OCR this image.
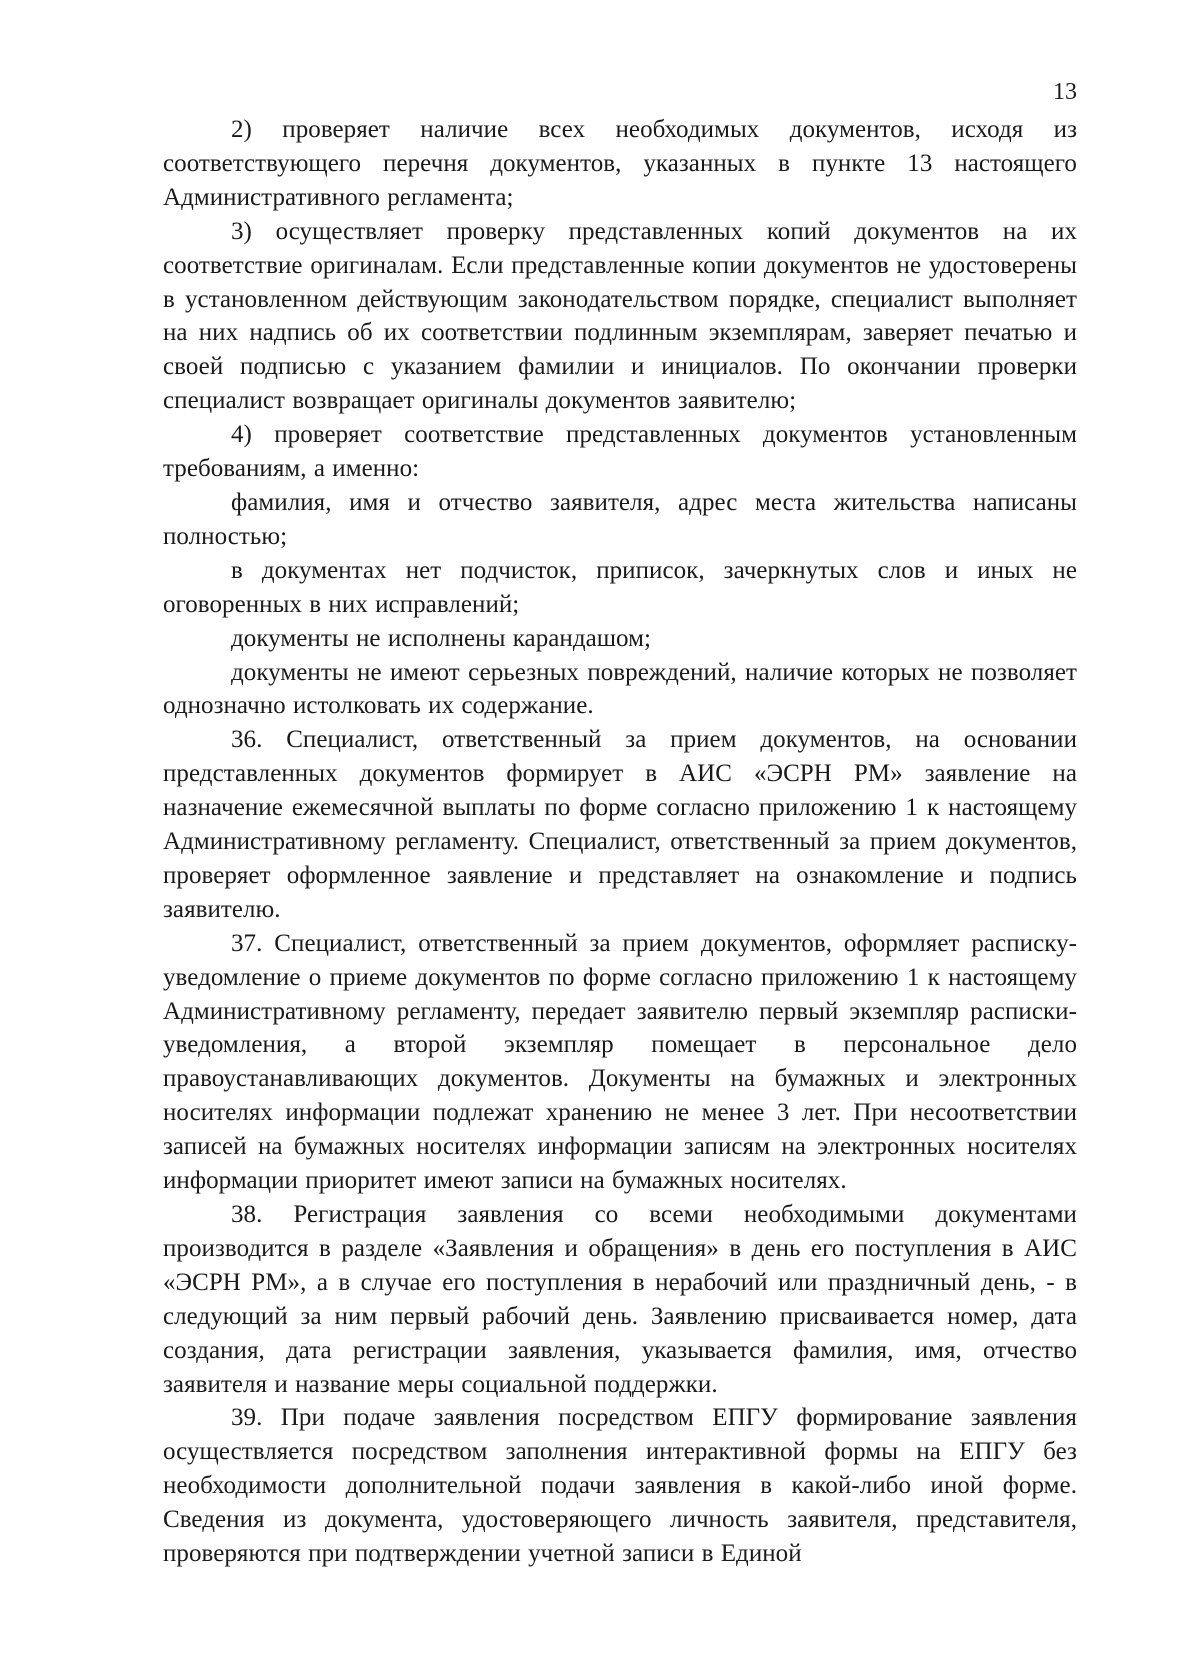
13

2) проверяет наличие всех необходимых документов, исходя из соответствующего перечня документов, указанных в пункте 13 настоящего Административного регламента;

3) осуществляет проверку представленных копий документов на их соответствие оригиналам. Если представленные копии документов не удостоверены в установленном действующим законодательством порядке, специалист выполняет на них надпись об их соответствии подлинным экземплярам, заверяет печатью и своей подписью с указанием фамилии и инициалов. По окончании проверки специалист возвращает оригиналы документов заявителю;

4) проверяет соответствие представленных документов установленным требованиям, а именно:

фамилия, имя и отчество заявителя, адрес места жительства написаны полностью;

в документах нет подчисток, приписок, зачеркнутых слов и иных не оговоренных в них исправлений;

документы не исполнены карандашом;

документы не имеют серьезных повреждений, наличие которых не позволяет однозначно истолковать их содержание.

36. Специалист, ответственный за прием документов, на основании представленных документов формирует в АИС «ЭСРН РМ» заявление на назначение ежемесячной выплаты по форме согласно приложению 1 к настоящему Административному регламенту. Специалист, ответственный за прием документов, проверяет оформленное заявление и представляет на ознакомление и подпись заявителю.

37. Специалист, ответственный за прием документов, оформляет расписку-уведомление о приеме документов по форме согласно приложению 1 к настоящему Административному регламенту, передает заявителю первый экземпляр расписки-уведомления, а второй экземпляр помещает в персональное дело правоустанавливающих документов. Документы на бумажных и электронных носителях информации подлежат хранению не менее 3 лет. При несоответствии записей на бумажных носителях информации записям на электронных носителях информации приоритет имеют записи на бумажных носителях.

38. Регистрация заявления со всеми необходимыми документами производится в разделе «Заявления и обращения» в день его поступления в АИС «ЭСРН РМ», а в случае его поступления в нерабочий или праздничный день, - в следующий за ним первый рабочий день. Заявлению присваивается номер, дата создания, дата регистрации заявления, указывается фамилия, имя, отчество заявителя и название меры социальной поддержки.

39. При подаче заявления посредством ЕПГУ формирование заявления осуществляется посредством заполнения интерактивной формы на ЕПГУ без необходимости дополнительной подачи заявления в какой-либо иной форме. Сведения из документа, удостоверяющего личность заявителя, представителя, проверяются при подтверждении учетной записи в Единой
